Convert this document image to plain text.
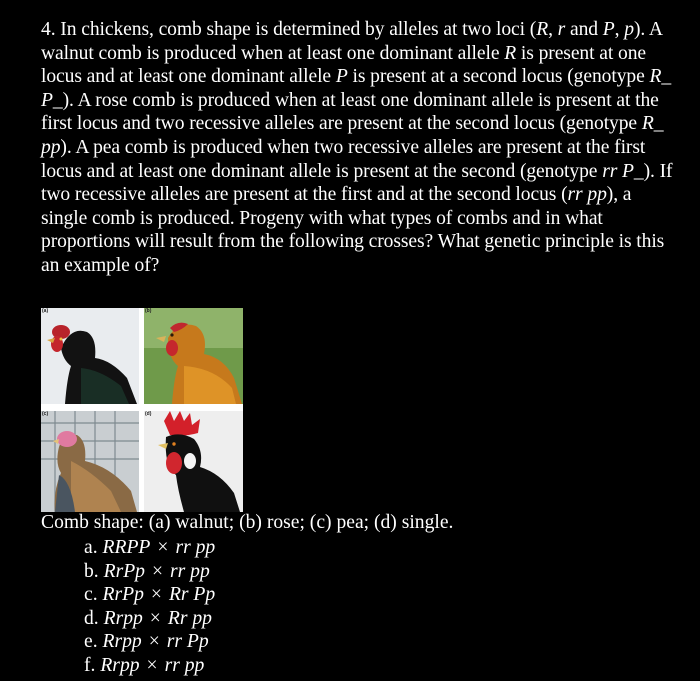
4. In chickens, comb shape is determined by alleles at two loci (R, r and P, p). A walnut comb is produced when at least one dominant allele R is present at one locus and at least one dominant allele P is present at a second locus (genotype R_ P_). A rose comb is produced when at least one dominant allele is present at the first locus and two recessive alleles are present at the second locus (genotype R_ pp). A pea comb is produced when two recessive alleles are present at the first locus and at least one dominant allele is present at the second (genotype rr P_). If two recessive alleles are present at the first and at the second locus (rr pp), a single comb is produced. Progeny with what types of combs and in what proportions will result from the following crosses? What genetic principle is this an example of?

(a)	(b)
(c)	(d)

Comb shape: (a) walnut; (b) rose; (c) pea; (d) single.

a. RRPP × rr pp
b. RrPp × rr pp
c. RrPp × Rr Pp
d. Rrpp × Rr pp
e. Rrpp × rr Pp
f. Rrpp × rr pp
